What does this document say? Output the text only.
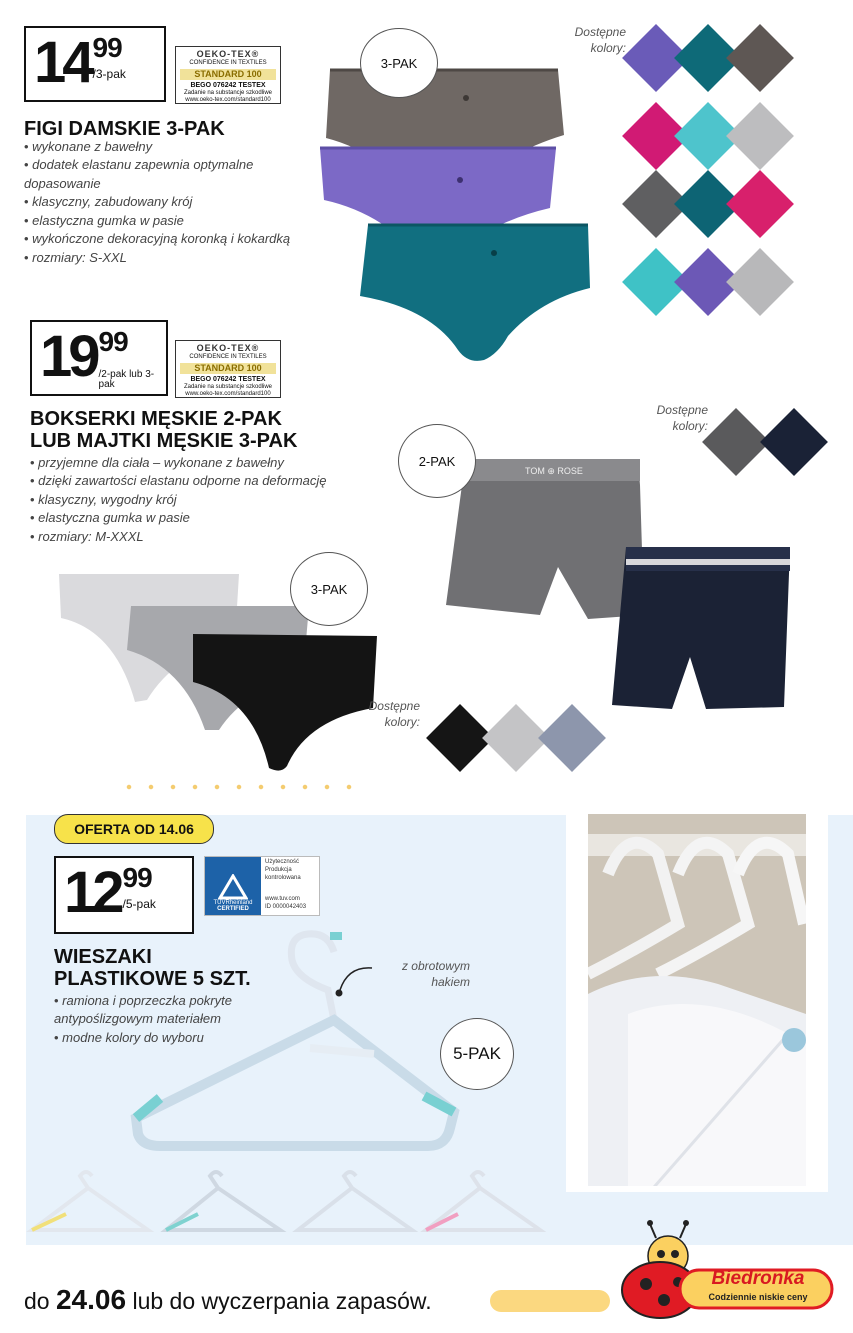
14 99
/3-pak
OEKO-TEX®
CONFIDENCE IN TEXTILES
STANDARD 100
BEGO 076242 TESTEX
Zadanie na substancje szkodliwe
www.oeko-tex.com/standard100
FIGI DAMSKIE 3-PAK
• wykonane z bawełny
• dodatek elastanu zapewnia optymalne dopasowanie
• klasyczny, zabudowany krój
• elastyczna gumka w pasie
• wykończone dekoracyjną koronką i kokardką
• rozmiary: S-XXL
3-PAK
Dostępne kolory:
19 99
/2-pak lub 3-pak
OEKO-TEX®
CONFIDENCE IN TEXTILES
STANDARD 100
BEGO 076242 TESTEX
Zadanie na substancje szkodliwe
www.oeko-tex.com/standard100
BOKSERKI MĘSKIE 2-PAK
LUB MAJTKI MĘSKIE 3-PAK
• przyjemne dla ciała – wykonane z bawełny
• dzięki zawartości elastanu odporne na deformację
• klasyczny, wygodny krój
• elastyczna gumka w pasie
• rozmiary: M-XXXL
TOM ⊕ ROSE
2-PAK
Dostępne kolory:
3-PAK
Dostępne kolory:
OFERTA OD 14.06
12 99
/5-pak	TÜVRheinland
CERTIFIED
Użyteczność
Produkcja
kontrolowana
www.tuv.com
ID 0000042403
WIESZAKI
PLASTIKOWE 5 SZT.
• ramiona i poprzeczka pokryte antypoślizgowym materiałem
• modne kolory do wyboru
z obrotowym hakiem
5-PAK
do 24.06 lub do wyczerpania zapasów.
Biedronka
Codziennie niskie ceny
